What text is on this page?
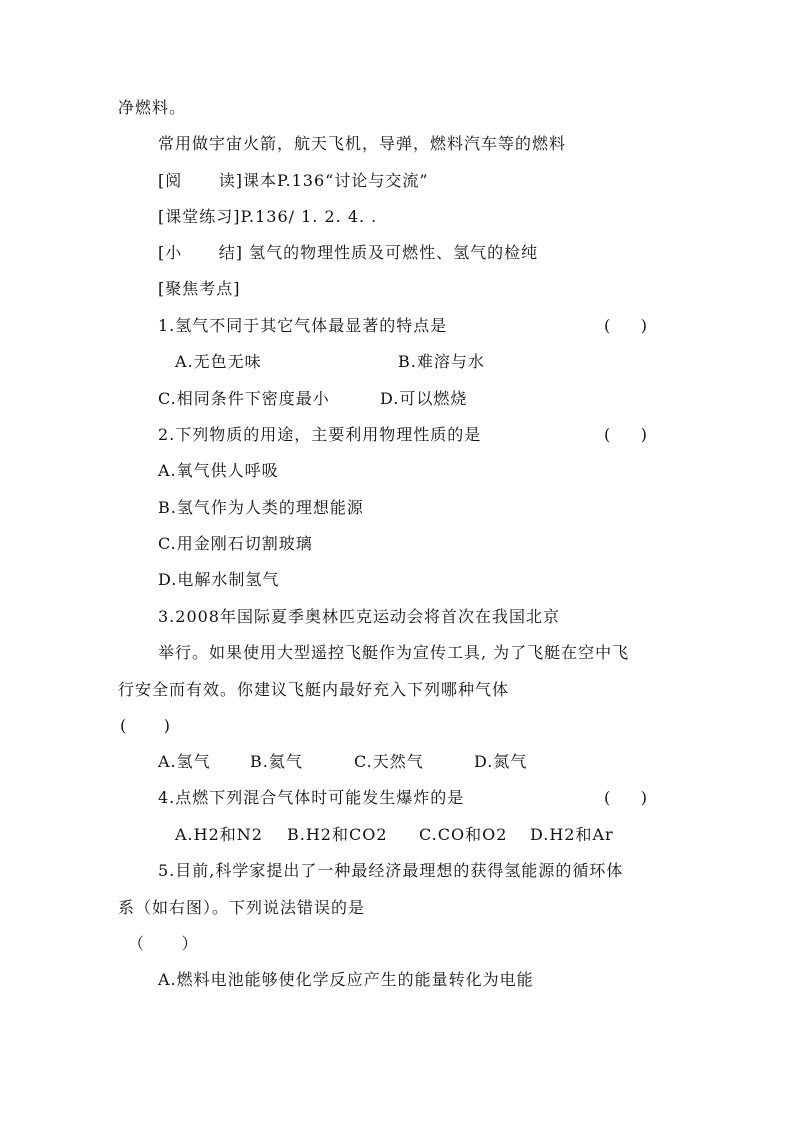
净燃料。
常用做宇宙火箭，航天飞机，导弹，燃料汽车等的燃料
[阅      读]课本P.136“讨论与交流”
[课堂练习]P.136/ 1. 2. 4. .
[小      结] 氢气的物理性质及可燃性、氢气的检纯
[聚焦考点]
1.氢气不同于其它气体最显著的特点是	(      )
A.无色无味	B.难溶与水
C.相同条件下密度最小	D.可以燃烧
2.下列物质的用途，主要利用物理性质的是	(      )
A.氧气供人呼吸
B.氢气作为人类的理想能源
C.用金刚石切割玻璃
D.电解水制氢气
3.2008年国际夏季奥林匹克运动会将首次在我国北京
举行。如果使用大型遥控飞艇作为宣传工具, 为了飞艇在空中飞
行安全而有效。你建议飞艇内最好充入下列哪种气体
(      )
A.氢气 B.氦气	C.天然气	D.氮气
4.点燃下列混合气体时可能发生爆炸的是	(      )
A.H2和N2 B.H2和CO2 C.CO和O2 D.H2和Ar
5.目前,科学家提出了一种最经济最理想的获得氢能源的循环体
系（如右图）。下列说法错误的是
（      ）
A.燃料电池能够使化学反应产生的能量转化为电能
